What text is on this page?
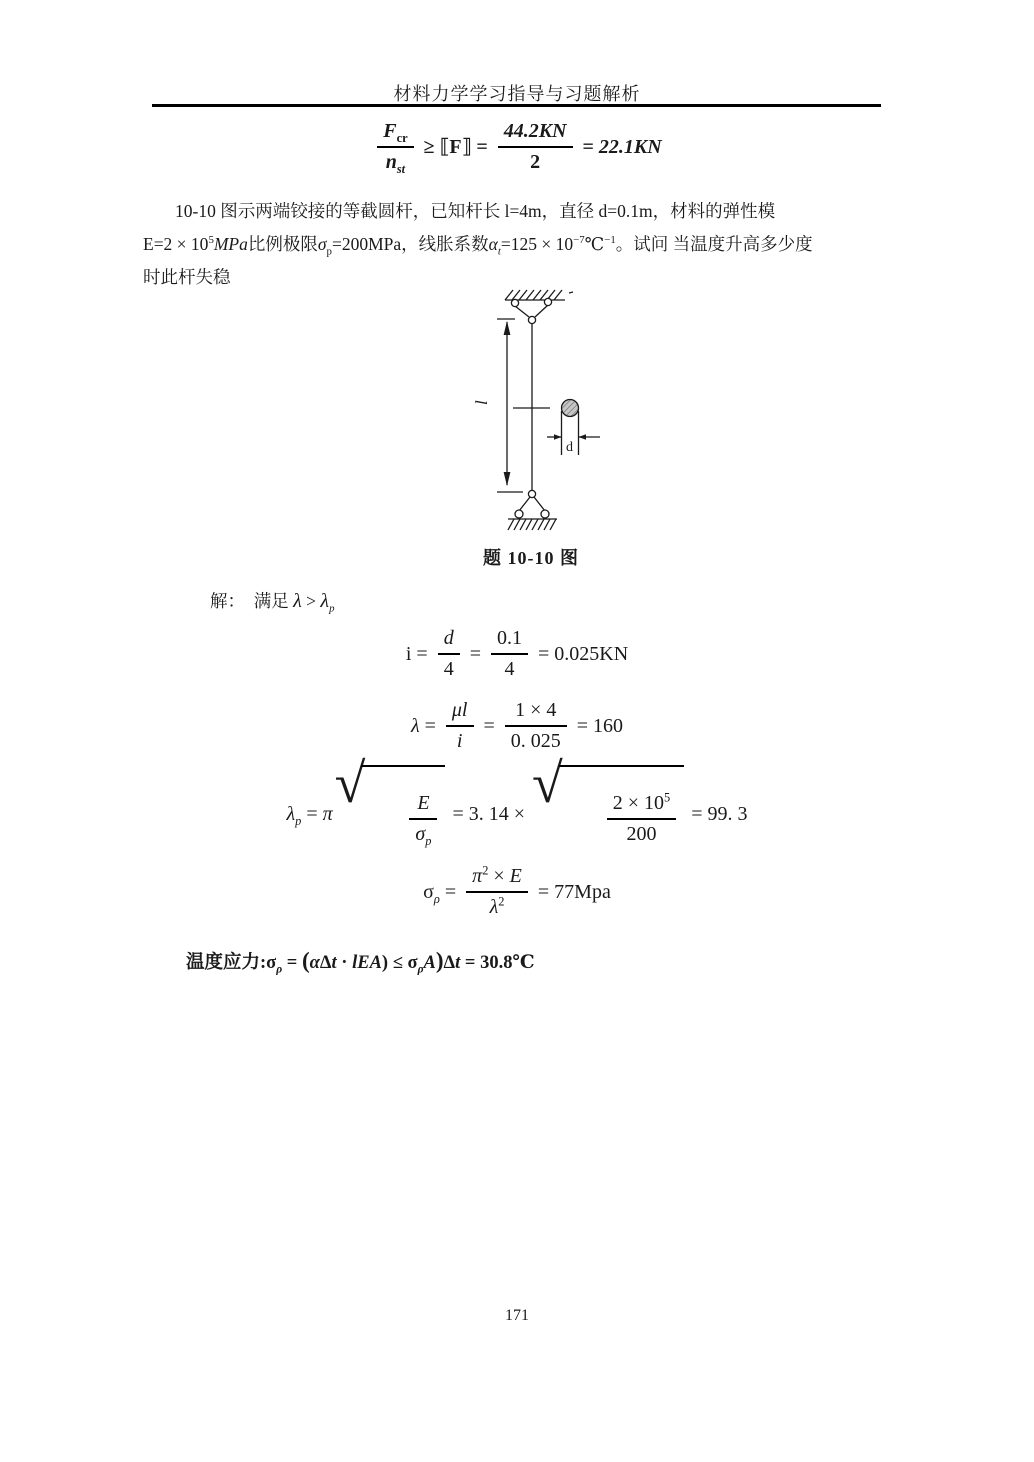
材料力学学习指导与习题解析
$\frac{F_{cr}}{n_{st}}$ ≥ ⟦F⟧ = $\frac{44.2KN}{2} = 22.1KN$
10-10 图示两端铰接的等截圆杆，已知杆长 l=4m，直径 d=0.1m，材料的弹性模
$E=2 \times 10^5MPa$比例极限$\sigma_p=200MPa$，线胀系数$\alpha_t=125$ × $10^{-7}℃^{-1}$。试问 当温度升高多少度
时此杆失稳
l
d
题 10-10 图
解：  满足 $\lambda > \lambda_p$
$i = \frac{d}{4} = \frac{0.1}{4} = 0.025KN$
$\lambda = \frac{\mu l}{i} = \frac{1 \times 4}{0. 025} = 160$
$\lambda_p = \pi$ √

$\frac{E}{\sigma_p}$

= 3. 14 × √

$\frac{2 \times 10^5}{200}$

= 99. 3
$\sigma_\rho = \frac{\pi^2 \times E}{\lambda^2} = 77Mpa$
温度应力$:\sigma_\rho = (\alpha\Delta t \cdot lEA) \le \sigma_\rho A)\Delta t$ = 30.8℃
171
